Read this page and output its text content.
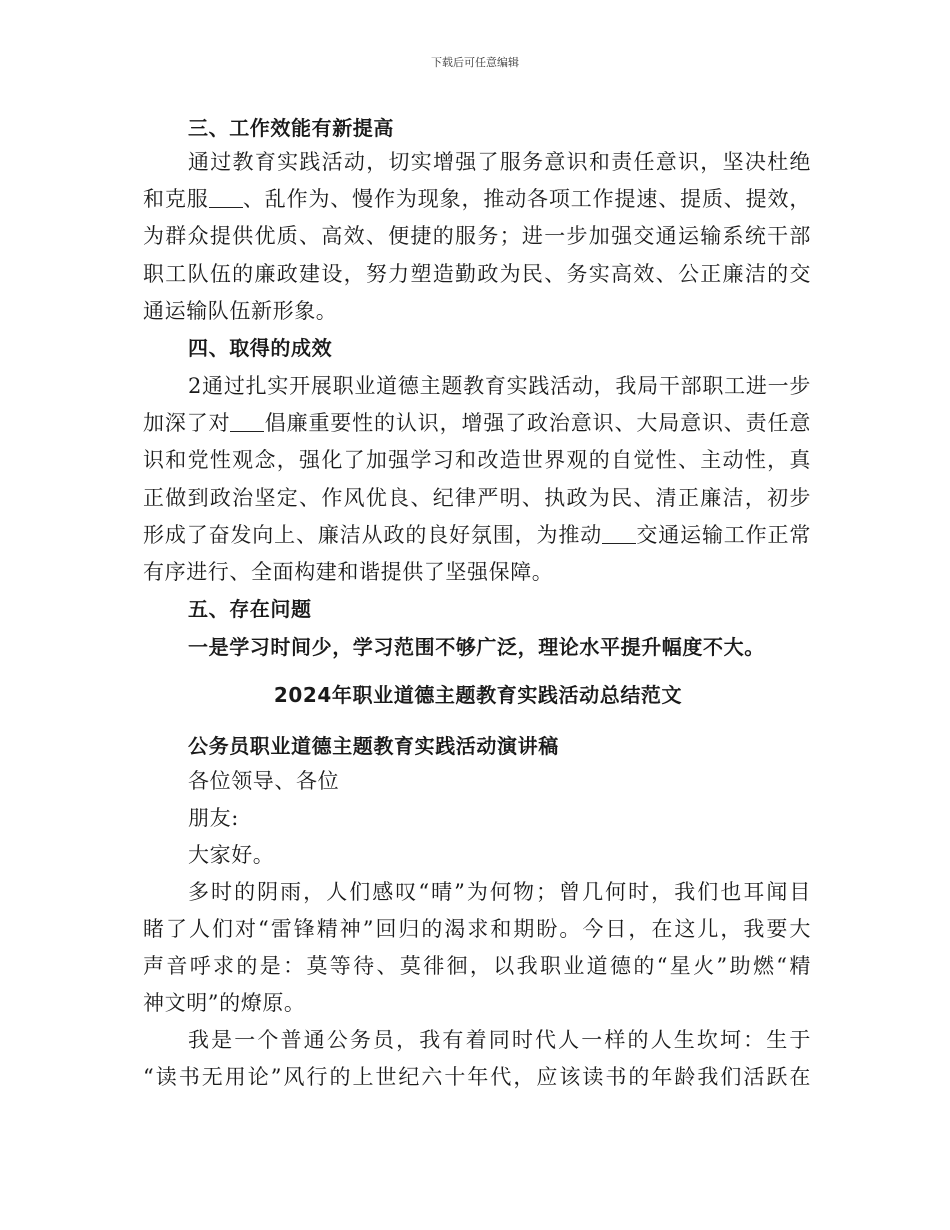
下载后可任意编辑
三、工作效能有新提高
通过教育实践活动，切实增强了服务意识和责任意识，坚决杜绝
和克服 、乱作为、慢作为现象，推动各项工作提速、提质、提效，
为群众提供优质、高效、便捷的服务；进一步加强交通运输系统干部
职工队伍的廉政建设，努力塑造勤政为民、务实高效、公正廉洁的交
通运输队伍新形象。
四、取得的成效
2通过扎实开展职业道德主题教育实践活动，我局干部职工进一步
加深了对 倡廉重要性的认识，增强了政治意识、大局意识、责任意
识和党性观念，强化了加强学习和改造世界观的自觉性、主动性，真
正做到政治坚定、作风优良、纪律严明、执政为民、清正廉洁，初步
形成了奋发向上、廉洁从政的良好氛围，为推动 交通运输工作正常
有序进行、全面构建和谐提供了坚强保障。
五、存在问题
一是学习时间少，学习范围不够广泛，理论水平提升幅度不大。
2024年职业道德主题教育实践活动总结范文
公务员职业道德主题教育实践活动演讲稿
各位领导、各位
朋友:
大家好。
多时的阴雨，人们感叹“晴”为何物；曾几何时，我们也耳闻目
睹了人们对“雷锋精神”回归的渴求和期盼。今日，在这儿，我要大
声音呼求的是：莫等待、莫徘徊，以我职业道德的“星火”助燃“精
神文明”的燎原。
我是一个普通公务员，我有着同时代人一样的人生坎坷：生于
“读书无用论”风行的上世纪六十年代，应该读书的年龄我们活跃在
